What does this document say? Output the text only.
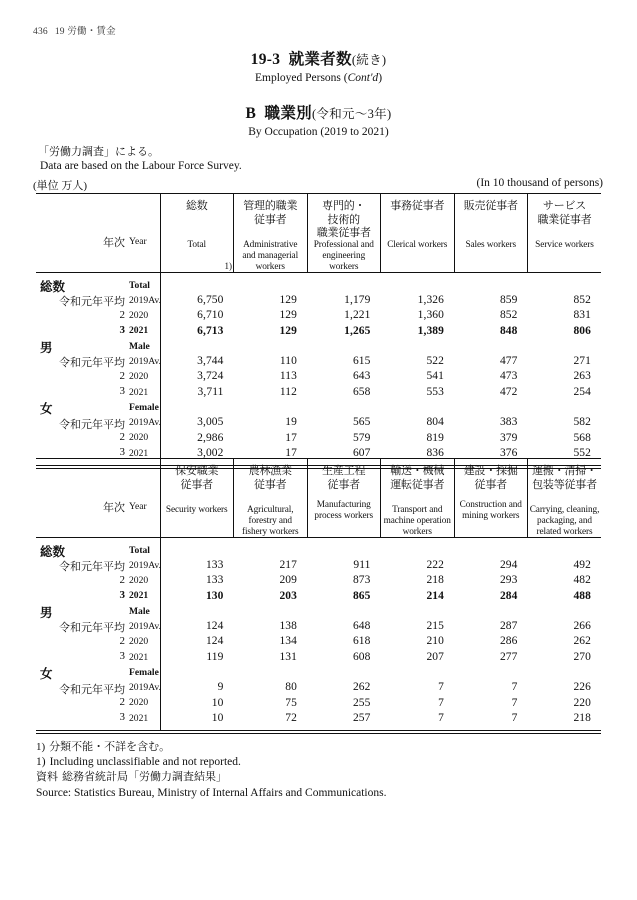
436 19 労働・賃金
19-3 就業者数(続き)
Employed Persons (Cont'd)
B 職業別(令和元〜3年)
By Occupation (2019 to 2021)
「労働力調査」による。
Data are based on the Labour Force Survey.
(単位 万人)	(In 10 thousand of persons)

年次 Year

総数
Total
1)

管理的職業
従事者
Administrative
and managerial
workers

専門的・
技術的
職業従事者
Professional and
engineering
workers

事務従事者
Clerical workers

販売従事者
Sales workers

サービス
職業従事者
Service workers

総数 Total						

令和元年平均 2019Av.	6,750	129	1,179	1,326	859	852

2 2020	6,710	129	1,221	1,360	852	831

3 2021	6,713	129	1,265	1,389	848	806

男 Male						

令和元年平均 2019Av.	3,744	110	615	522	477	271

2 2020	3,724	113	643	541	473	263

3 2021	3,711	112	658	553	472	254

女 Female						

令和元年平均 2019Av.	3,005	19	565	804	383	582

2 2020	2,986	17	579	819	379	568

3 2021	3,002	17	607	836	376	552

年次 Year

保安職業
従事者
Security workers

農林漁業
従事者
Agricultural,
forestry and
fishery workers

生産工程
従事者
Manufacturing
process workers

輸送・機械
運転従事者
Transport and
machine operation
workers

建設・採掘
従事者
Construction and
mining workers

運搬・清掃・
包装等従事者
Carrying, cleaning,
packaging, and
related workers

総数 Total						

令和元年平均 2019Av.	133	217	911	222	294	492

2 2020	133	209	873	218	293	482

3 2021	130	203	865	214	284	488

男 Male						

令和元年平均 2019Av.	124	138	648	215	287	266

2 2020	124	134	618	210	286	262

3 2021	119	131	608	207	277	270

女 Female						

令和元年平均 2019Av.	9	80	262	7	7	226

2 2020	10	75	255	7	7	220

3 2021	10	72	257	7	7	218

1) 分類不能・不詳を含む。
1) Including unclassifiable and not reported.
資料 総務省統計局「労働力調査結果」
Source: Statistics Bureau, Ministry of Internal Affairs and Communications.
